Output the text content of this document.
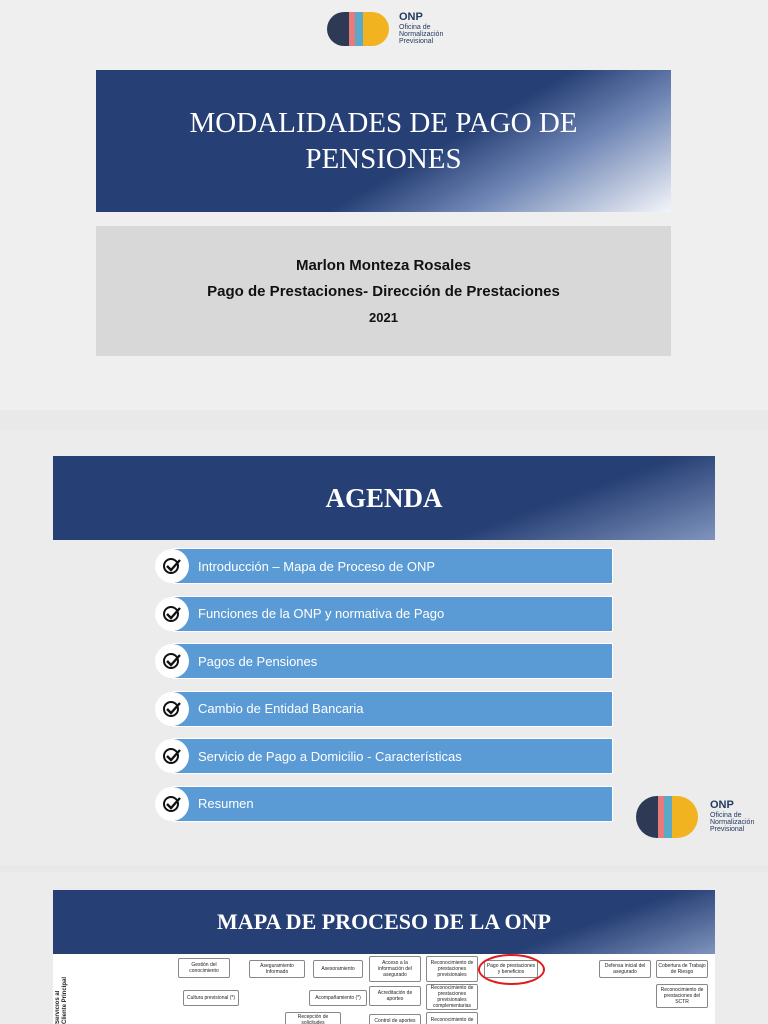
ONP
Oficina de
Normalización
Previsional
MODALIDADES DE PAGO DE PENSIONES
Marlon Monteza Rosales
Pago de Prestaciones- Dirección de Prestaciones
2021
AGENDA
Introducción – Mapa de Proceso de ONP
Funciones de la ONP y normativa de Pago
Pagos de Pensiones
Cambio de Entidad Bancaria
Servicio de Pago a Domicilio - Características
Resumen	ONP
Oficina de
Normalización
Previsional
MAPA DE PROCESO DE LA ONP
Servicios al
Cliente Principal
Gestión del conocimiento
Aseguramiento Informado	Asesoramiento
Acceso a la información del asegurado
Reconocimiento de prestaciones previsionales
Pago de prestaciones y beneficios
Defensa inicial del asegurado
Cobertura de Trabajo de Riesgo
Cultura previsional (*)	Acompañamiento (*)
Acreditación de aportes
Reconocimiento de prestaciones previsionales complementarias
Reconocimiento de prestaciones del SCTR
Recepción de solicitudes	Control de aportes	Reconocimiento de
